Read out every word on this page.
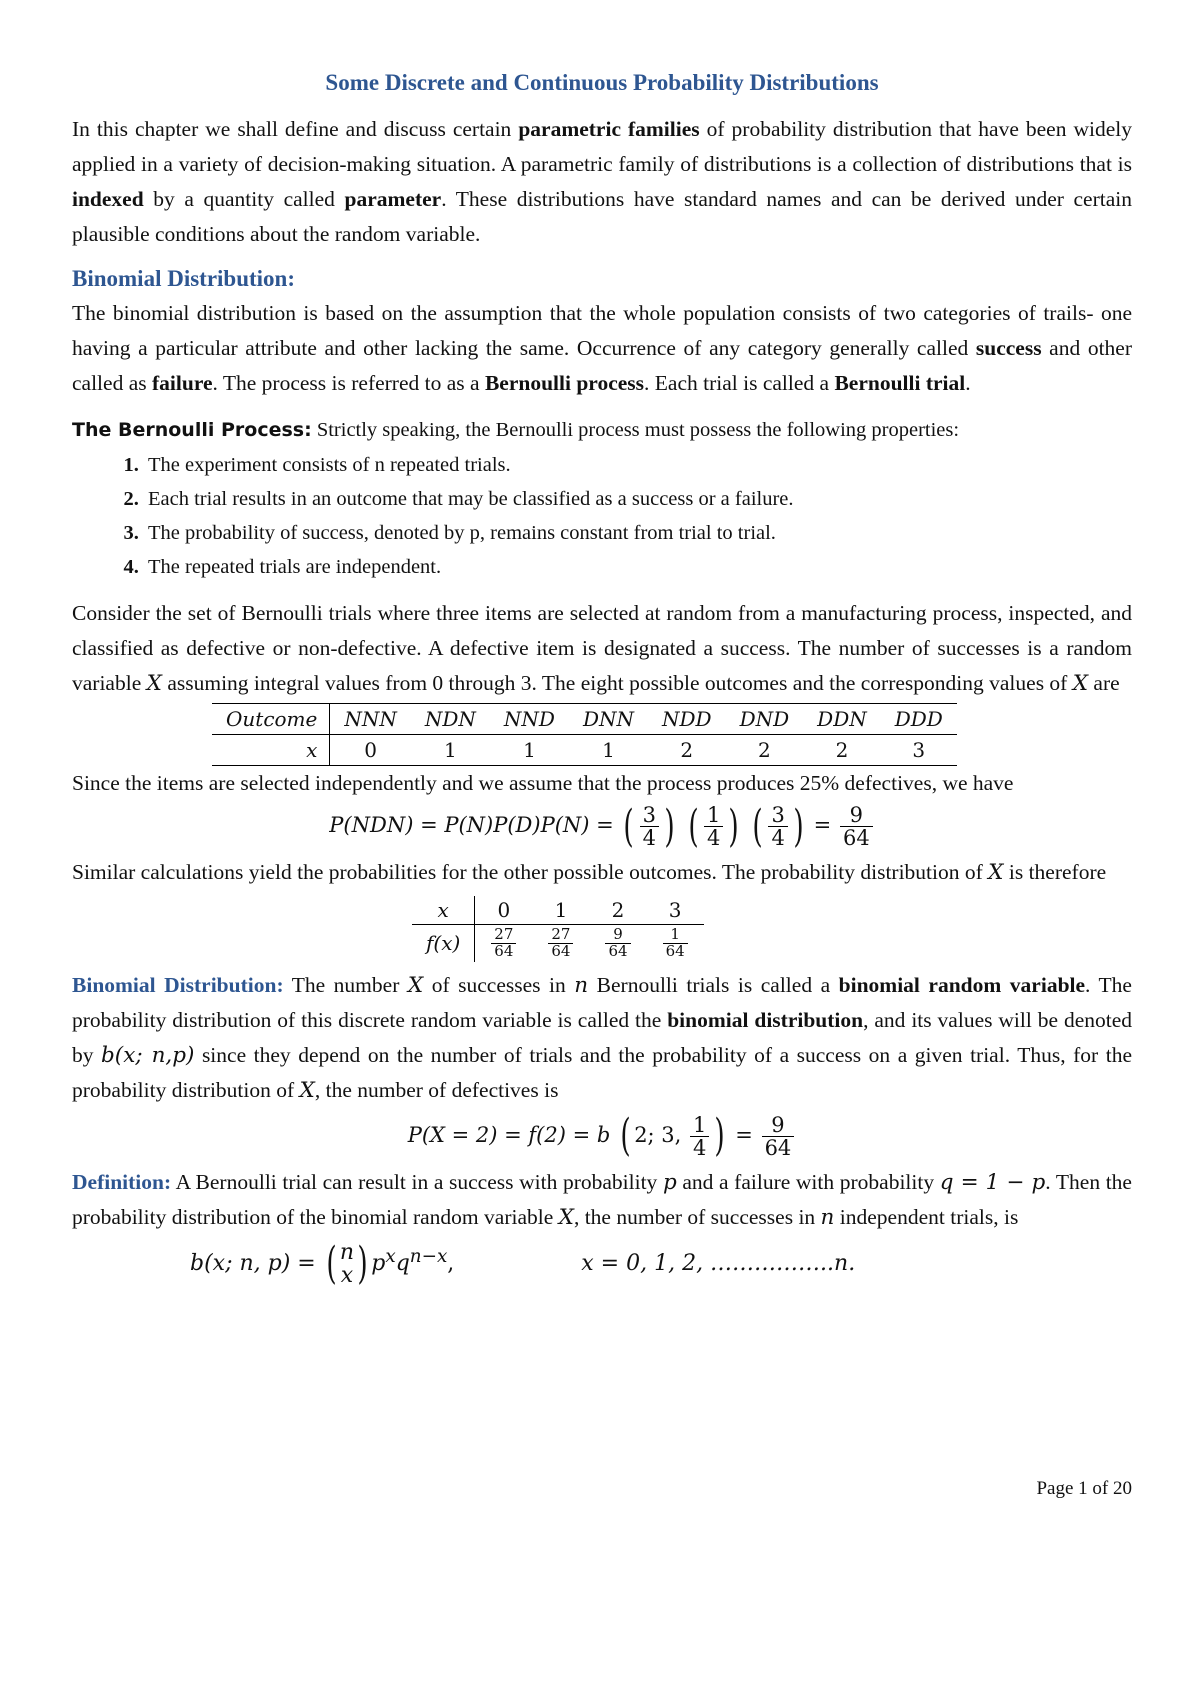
Some Discrete and Continuous Probability Distributions

In this chapter we shall define and discuss certain parametric families of probability distribution that have been widely applied in a variety of decision-making situation. A parametric family of distributions is a collection of distributions that is indexed by a quantity called parameter. These distributions have standard names and can be derived under certain plausible conditions about the random variable.

Binomial Distribution:

The binomial distribution is based on the assumption that the whole population consists of two categories of trails- one having a particular attribute and other lacking the same. Occurrence of any category generally called success and other called as failure. The process is referred to as a Bernoulli process. Each trial is called a Bernoulli trial.

The Bernoulli Process: Strictly speaking, the Bernoulli process must possess the following properties:

1. The experiment consists of n repeated trials.
2. Each trial results in an outcome that may be classified as a success or a failure.
3. The probability of success, denoted by p, remains constant from trial to trial.
4. The repeated trials are independent.

Consider the set of Bernoulli trials where three items are selected at random from a manufacturing process, inspected, and classified as defective or non-defective. A defective item is designated a success. The number of successes is a random variable X assuming integral values from 0 through 3. The eight possible outcomes and the corresponding values of X are

Outcome	NNN	NDN	NND	DNN	NDD	DND	DDN	DDD
x	0	1	1	1	2	2	2	3

Since the items are selected independently and we assume that the process produces 25% defectives, we have

P(NDN) = P(N)P(D)P(N) = ( $\frac{3}{4}$ ) ( $\frac{1}{4}$ ) ( $\frac{3}{4}$ ) = $\frac{9}{64}$

Similar calculations yield the probabilities for the other possible outcomes. The probability distribution of X is therefore

x	0	1	2	3
f(x)	$\frac{27}{64}$	$\frac{27}{64}$	$\frac{9}{64}$	$\frac{1}{64}$

Binomial Distribution: The number X of successes in n Bernoulli trials is called a binomial random variable. The probability distribution of this discrete random variable is called the binomial distribution, and its values will be denoted by b(x; n,p) since they depend on the number of trials and the probability of a success on a given trial. Thus, for the probability distribution of X, the number of defectives is

P(X = 2) = f(2) = b ( 2; 3, $\frac{1}{4}$ ) = $\frac{9}{64}$

Definition: A Bernoulli trial can result in a success with probability p and a failure with probability q = 1 − p. Then the probability distribution of the binomial random variable X, the number of successes in n independent trials, is

b(x; n, p) = ( n
x ) $p^xq^{n-x}$,	x = 0, 1, 2, ……………..n.
Page 1 of 20
